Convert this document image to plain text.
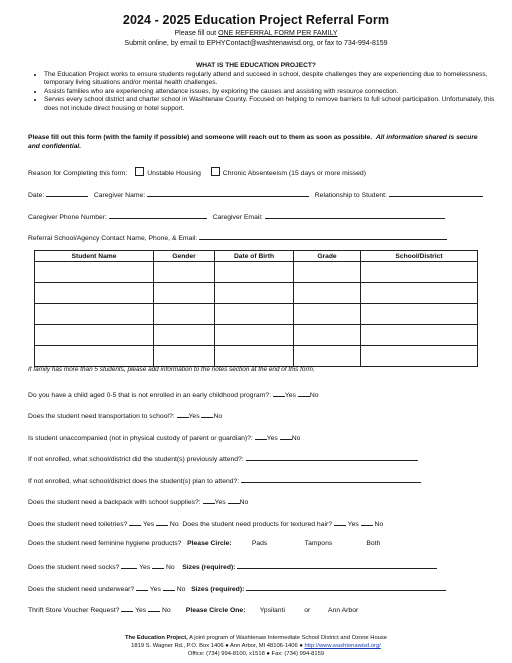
2024 - 2025 Education Project Referral Form
Please fill out ONE REFERRAL FORM PER FAMILY
Submit online, by email to EPHYContact@washtenawisd.org, or fax to 734-994-8159
WHAT IS THE EDUCATION PROJECT?
• The Education Project works to ensure students regularly attend and succeed in school, despite challenges they are experiencing due to homelessness, temporary living situations and/or mental health challenges.
• Assists families who are experiencing attendance issues, by exploring the causes and assisting with resource connection.
• Serves every school district and charter school in Washtenaw County. Focused on helping to remove barriers to full school participation. Unfortunately, this does not include direct housing or hotel support.
Please fill out this form (with the family if possible) and someone will reach out to them as soon as possible. All information shared is secure and confidential.
Reason for Completing this form:	Unstable Housing	Chronic Absenteeism (15 days or more missed)
Date:	Caregiver Name:	Relationship to Student:
Caregiver Phone Number:	Caregiver Email:
Referral School/Agency Contact Name, Phone, & Email:
Student Name	Gender	Date of Birth	Grade	School/District

If family has more than 5 students, please add information to the notes section at the end of this form.
Do you have a child aged 0-5 that is not enrolled in an early childhood program?: Yes No
Does the student need transportation to school?: Yes No
Is student unaccompanied (not in physical custody of parent or guardian)?: Yes No
If not enrolled, what school/district did the student(s) previously attend?:
If not enrolled, what school/district does the student(s) plan to attend?:
Does the student need a backpack with school supplies?: Yes No
Does the student need toiletries? Yes No Does the student need products for textured hair? Yes No
Does the student need feminine hygiene products? Please Circle:	Pads	Tampons	Both
Does the student need socks?	Yes No Sizes (required):
Does the student need underwear? Yes No Sizes (required):
Thrift Store Voucher Request? Yes No Please Circle One: Ypsilanti	or	Ann Arbor
The Education Project, A joint program of Washtenaw Intermediate School District and Ozone House
1819 S. Wagner Rd., P.O. Box 1406 ● Ann Arbor, MI 48106-1406 ● http://www.washtenawisd.org/
Office: (734) 994-8100, x1518 ● Fax: (734) 994-8159
